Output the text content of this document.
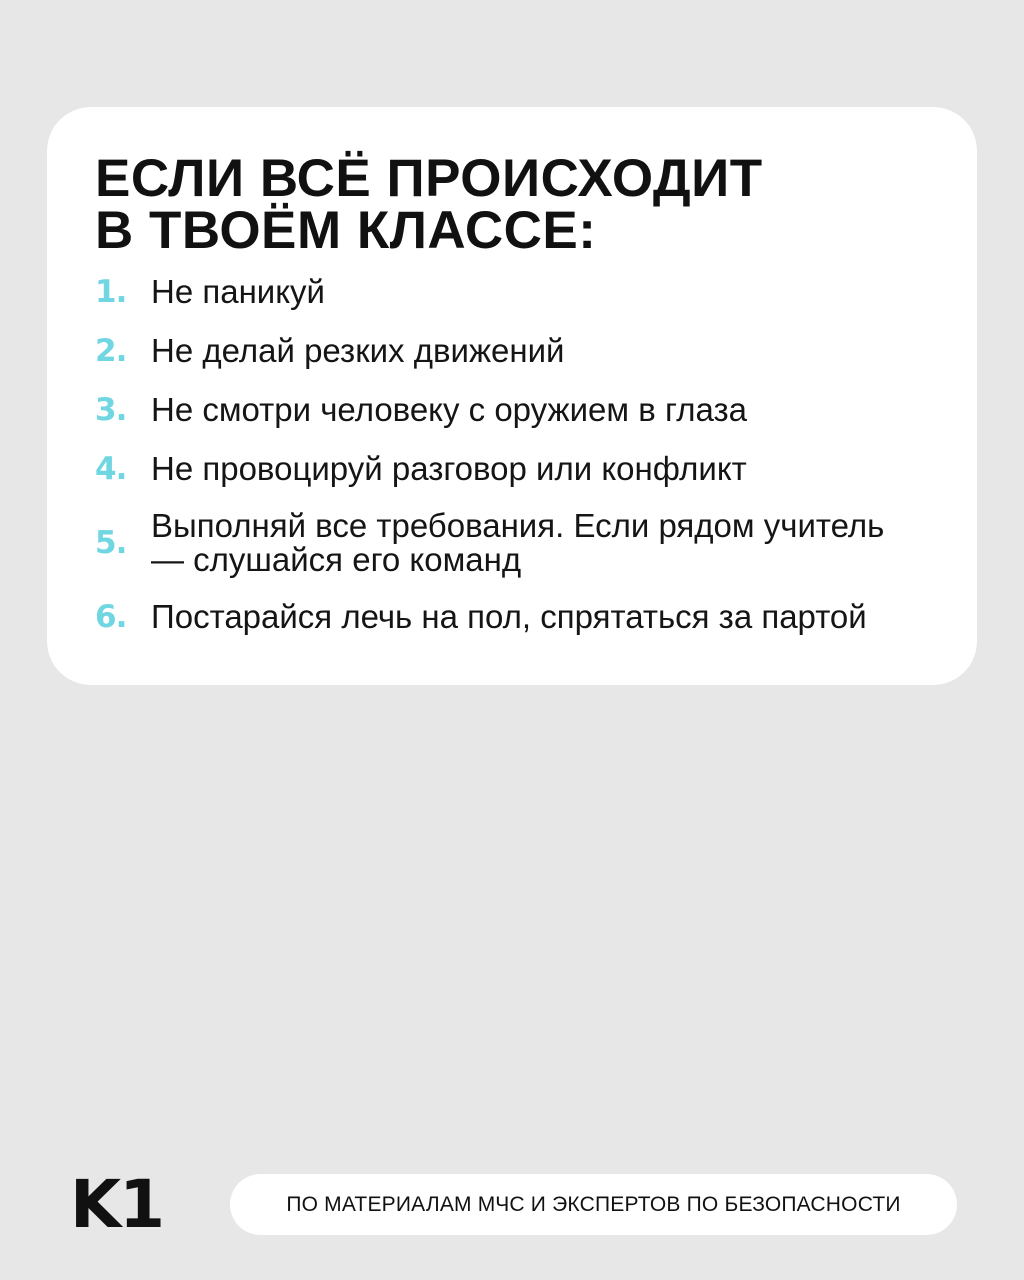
ЕСЛИ ВСЁ ПРОИСХОДИТ
В ТВОЁМ КЛАССЕ:
1. Не паникуй
2. Не делай резких движений
3. Не смотри человеку с оружием в глаза
4. Не провоцируй разговор или конфликт
5. Выполняй все требования. Если рядом учитель
— слушайся его команд
6. Постарайся лечь на пол, спрятаться за партой
K1	ПО МАТЕРИАЛАМ МЧС И ЭКСПЕРТОВ ПО БЕЗОПАСНОСТИ
